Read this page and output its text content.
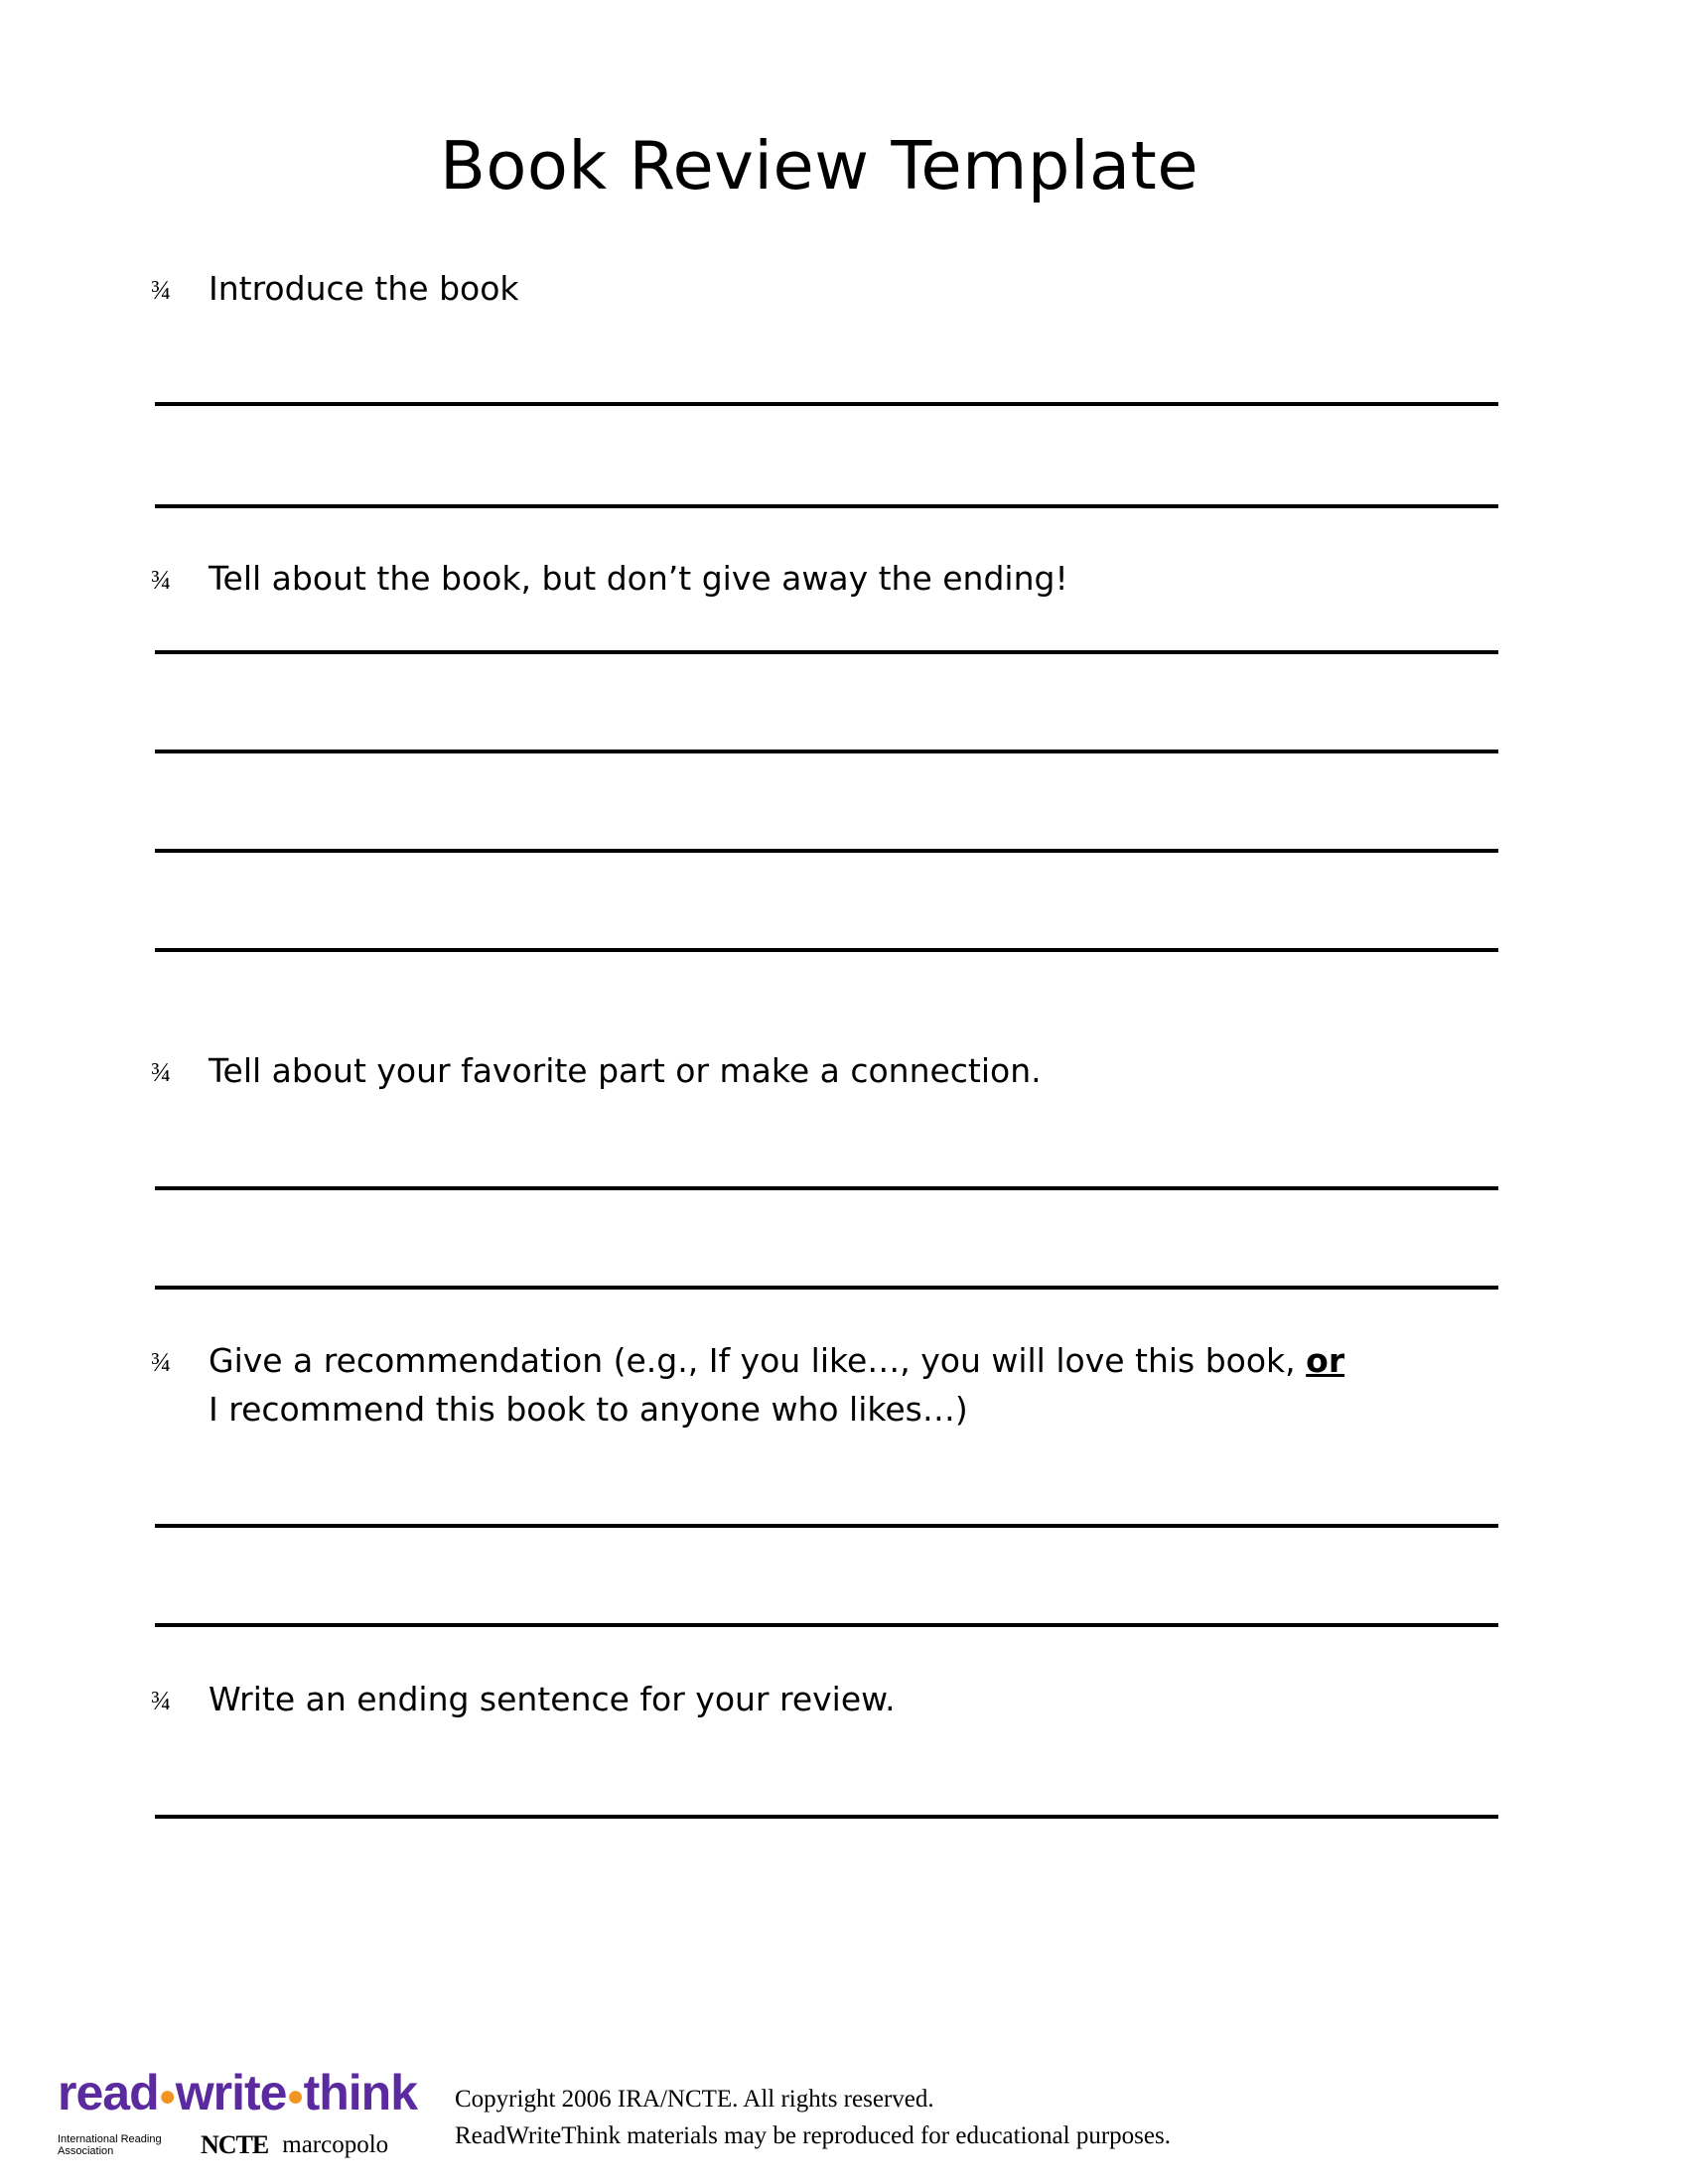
Book Review Template
¾ Introduce the book
¾ Tell about the book, but don’t give away the ending!
¾ Tell about your favorite part or make a connection.
¾ Give a recommendation (e.g., If you like…, you will love this book, or
I recommend this book to anyone who likes…)
¾ Write an ending sentence for your review.
read●write●think
International Reading Association	NCTE marcopolo
Copyright 2006 IRA/NCTE. All rights reserved.
ReadWriteThink materials may be reproduced for educational purposes.
